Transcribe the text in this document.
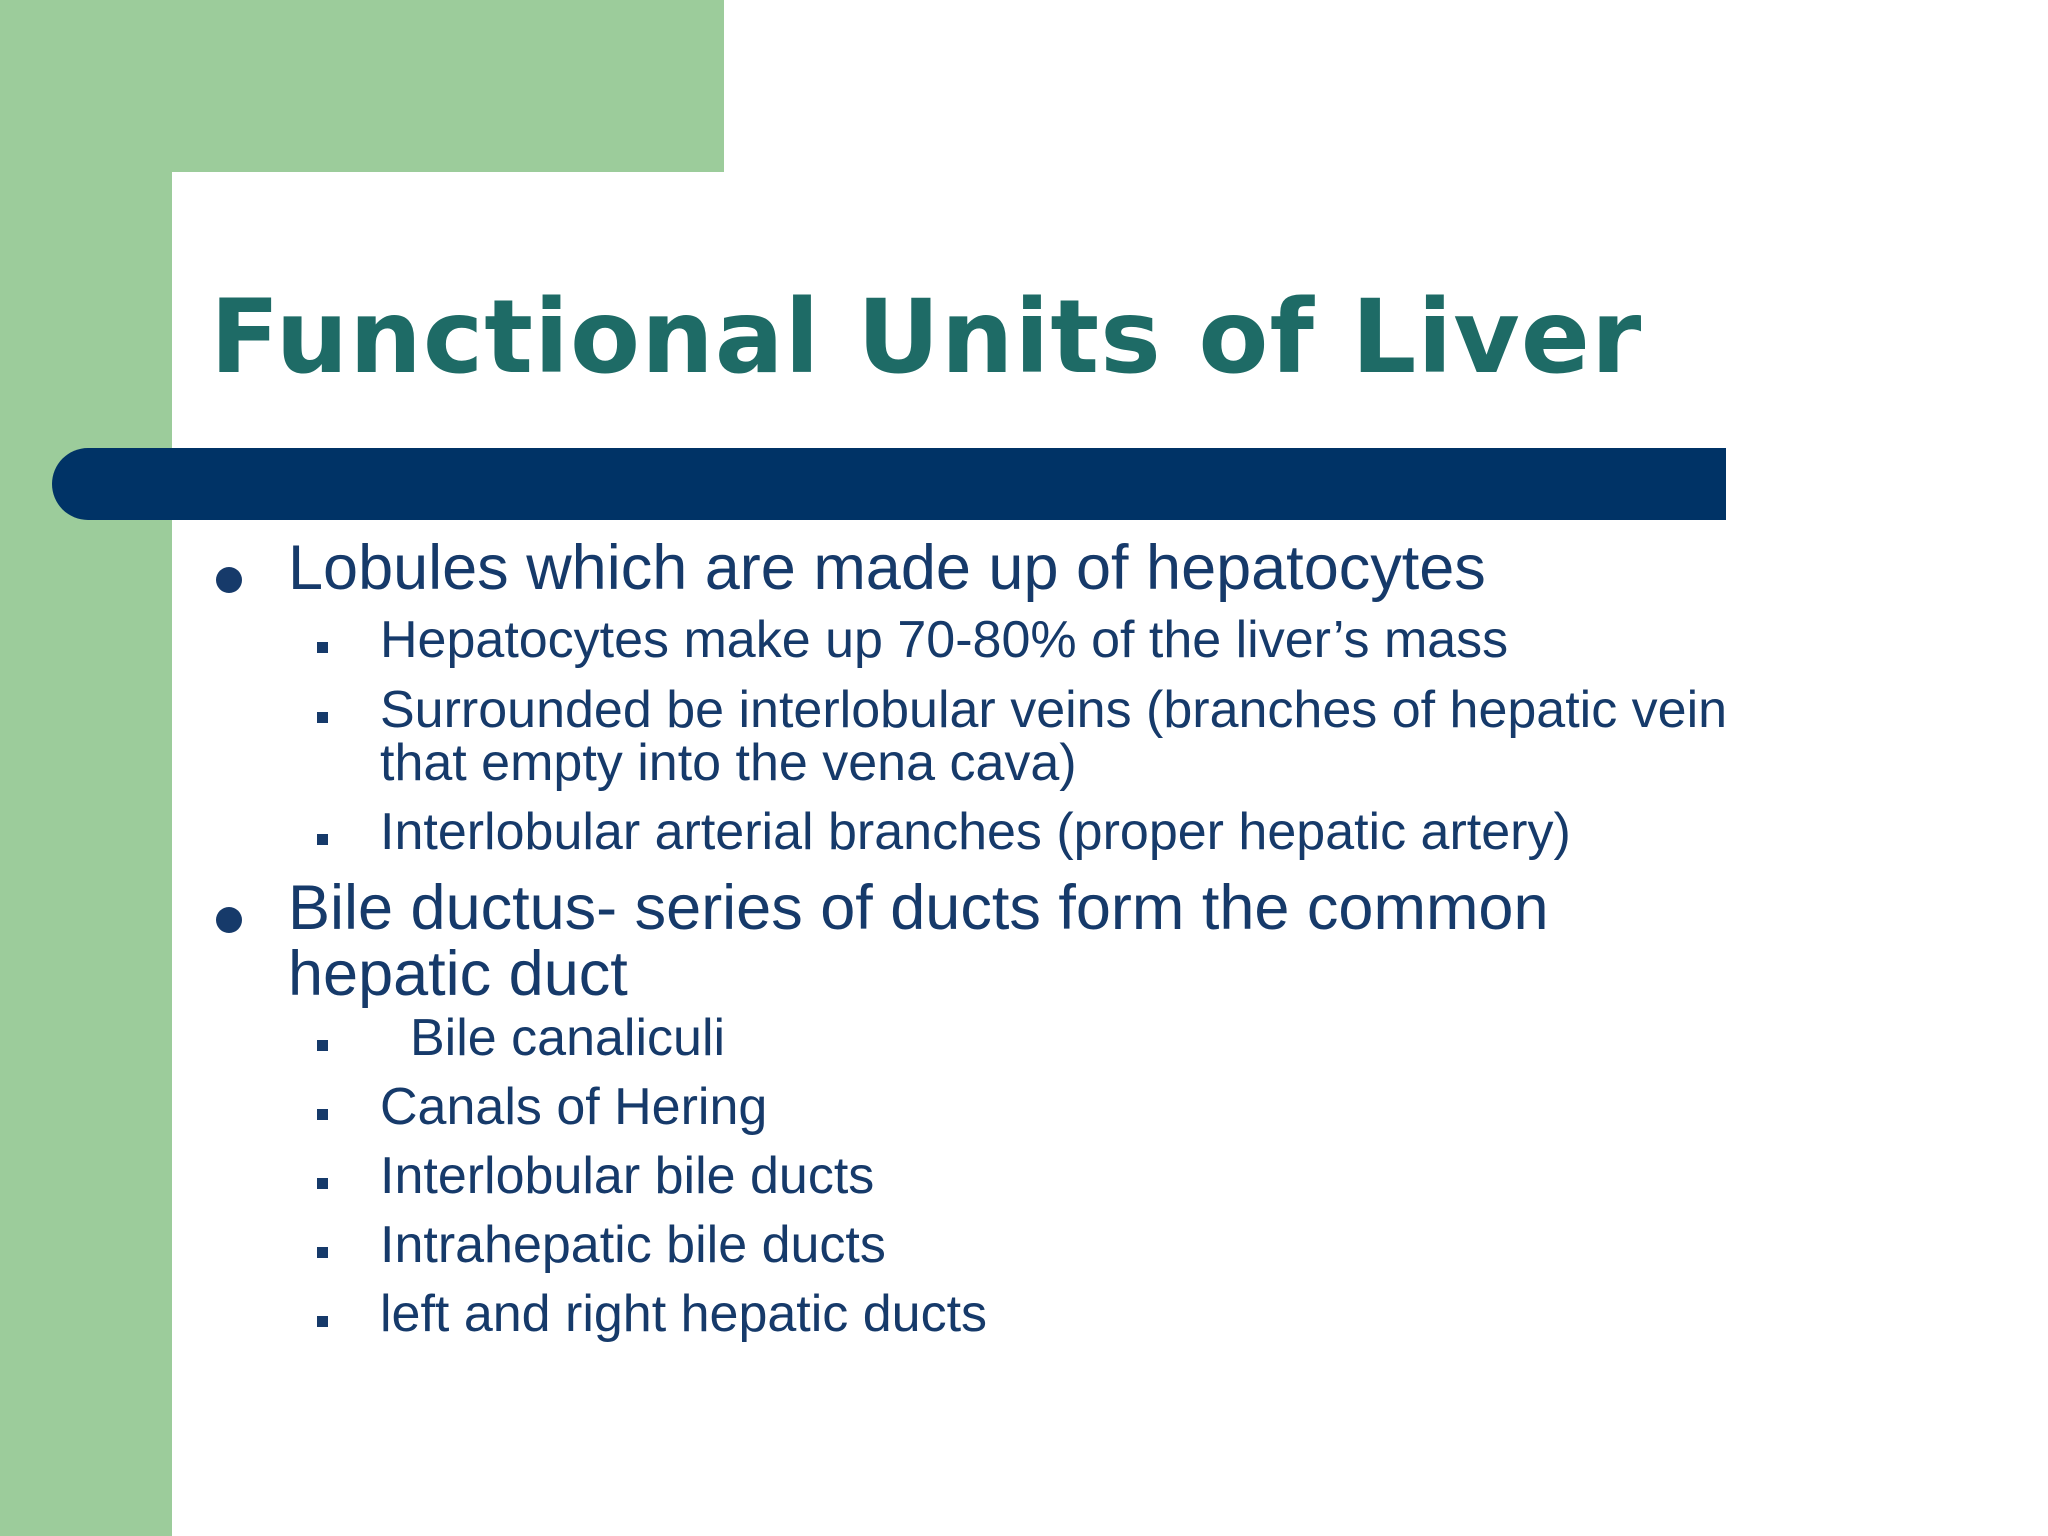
Functional Units of Liver
Lobules which are made up of hepatocytes
Hepatocytes make up 70-80% of the liver’s mass
Surrounded be interlobular veins (branches of hepatic vein
that empty into the vena cava)
Interlobular arterial branches (proper hepatic artery)
Bile ductus- series of ducts form the common
hepatic duct
Bile canaliculi
Canals of Hering
Interlobular bile ducts
Intrahepatic bile ducts
left and right hepatic ducts
